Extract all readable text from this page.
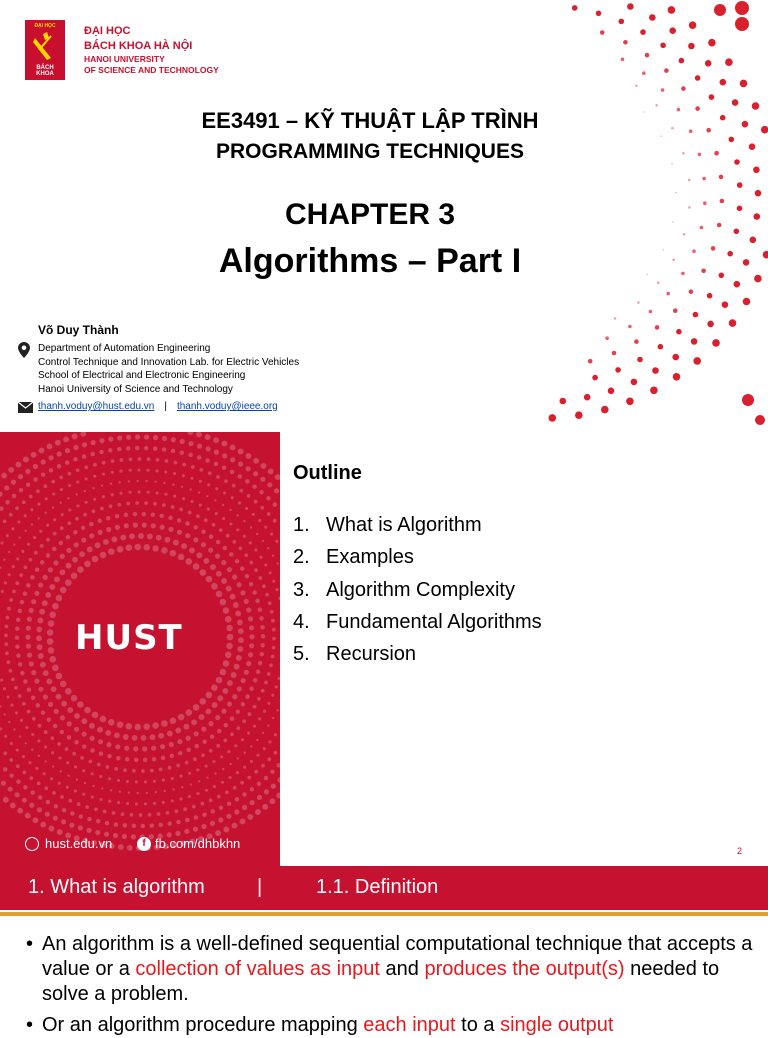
ĐẠI HỌC
BÁCH KHOA
ĐẠI HỌC
BÁCH KHOA HÀ NỘI
HANOI UNIVERSITY
OF SCIENCE AND TECHNOLOGY
EE3491 – KỸ THUẬT LẬP TRÌNH
PROGRAMMING TECHNIQUES
CHAPTER 3
Algorithms – Part I
Võ Duy Thành
Department of Automation Engineering
Control Technique and Innovation Lab. for Electric Vehicles
School of Electrical and Electronic Engineering
Hanoi University of Science and Technology
thanh.voduy@hust.edu.vn | thanh.voduy@ieee.org
HUST
hust.edu.vn	f fb.com/dhbkhn
Outline
1. What is Algorithm
2. Examples
3. Algorithm Complexity
4. Fundamental Algorithms
5. Recursion
2
1. What is algorithm	|	1.1. Definition
• An algorithm is a well-defined sequential computational technique that accepts a value or a collection of values as input and produces the output(s) needed to solve a problem.
• Or an algorithm procedure mapping each input to a single output
